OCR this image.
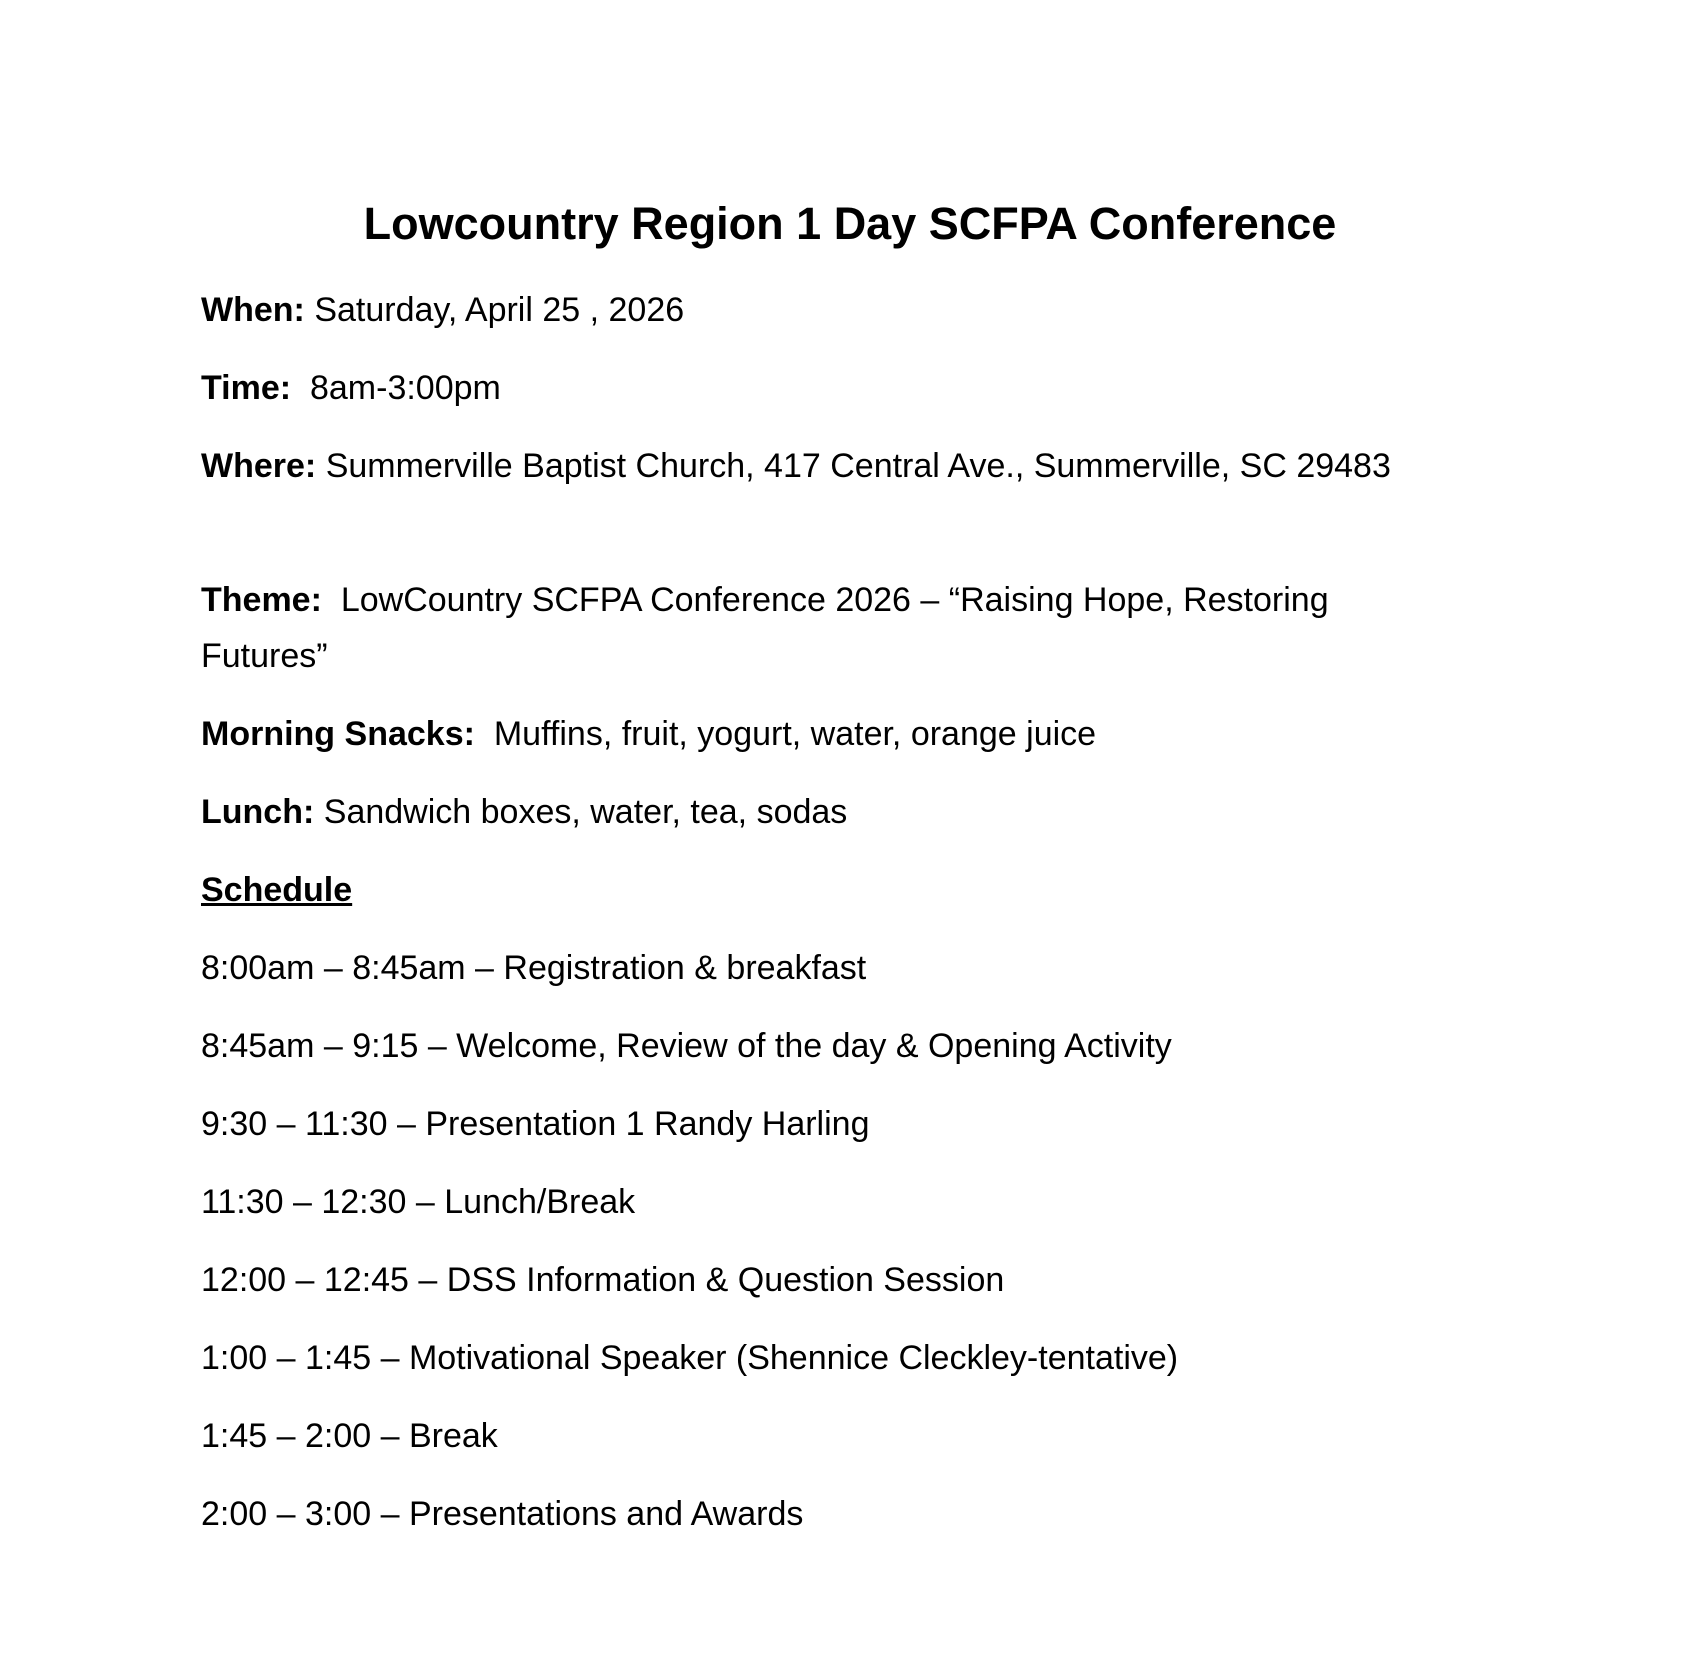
Lowcountry Region 1 Day SCFPA Conference

When: Saturday, April 25 , 2026

Time: 8am-3:00pm

Where: Summerville Baptist Church, 417 Central Ave., Summerville, SC 29483

Theme: LowCountry SCFPA Conference 2026 – “Raising Hope, Restoring Futures”

Morning Snacks: Muffins, fruit, yogurt, water, orange juice

Lunch: Sandwich boxes, water, tea, sodas

Schedule

8:00am – 8:45am – Registration & breakfast

8:45am – 9:15 – Welcome, Review of the day & Opening Activity

9:30 – 11:30 – Presentation 1 Randy Harling

11:30 – 12:30 – Lunch/Break

12:00 – 12:45 – DSS Information & Question Session

1:00 – 1:45 – Motivational Speaker (Shennice Cleckley-tentative)

1:45 – 2:00 – Break

2:00 – 3:00 – Presentations and Awards
